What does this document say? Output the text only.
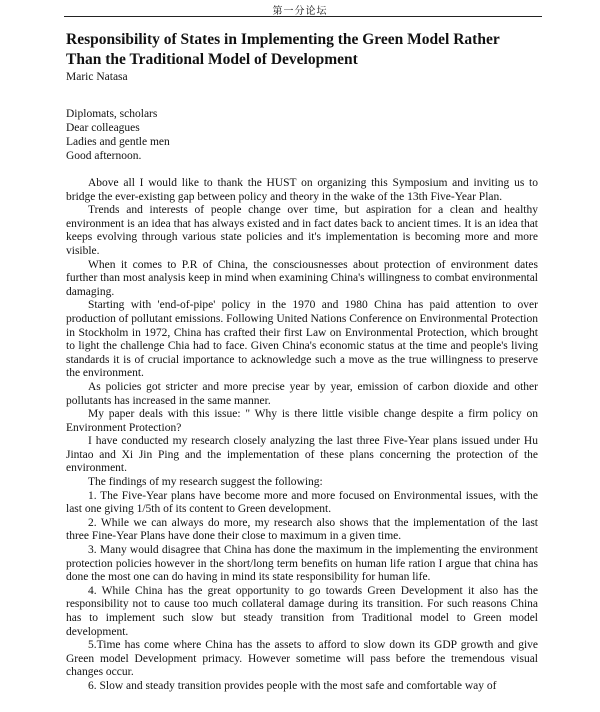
第一分论坛
Responsibility of States in Implementing the Green Model Rather Than the Traditional Model of Development
Maric Natasa
Diplomats, scholars
Dear colleagues
Ladies and gentle men
Good afternoon.

Above all I would like to thank the HUST on organizing this Symposium and inviting us to bridge the ever-existing gap between policy and theory in the wake of the 13th Five-Year Plan.

Trends and interests of people change over time, but aspiration for a clean and healthy environment is an idea that has always existed and in fact dates back to ancient times. It is an idea that keeps evolving through various state policies and it's implementation is becoming more and more visible.

When it comes to P.R of China, the consciousnesses about protection of environment dates further than most analysis keep in mind when examining China's willingness to combat environmental damaging.

Starting with 'end-of-pipe' policy in the 1970 and 1980 China has paid attention to over production of pollutant emissions. Following United Nations Conference on Environmental Protection in Stockholm in 1972, China has crafted their first Law on Environmental Protection, which brought to light the challenge Chia had to face. Given China's economic status at the time and people's living standards it is of crucial importance to acknowledge such a move as the true willingness to preserve the environment.

As policies got stricter and more precise year by year, emission of carbon dioxide and other pollutants has increased in the same manner.

My paper deals with this issue: " Why is there little visible change despite a firm policy on Environment Protection?

I have conducted my research closely analyzing the last three Five-Year plans issued under Hu Jintao and Xi Jin Ping and the implementation of these plans concerning the protection of the environment.

The findings of my research suggest the following:

1. The Five-Year plans have become more and more focused on Environmental issues, with the last one giving 1/5th of its content to Green development.

2. While we can always do more, my research also shows that the implementation of the last three Fine-Year Plans have done their close to maximum in a given time.

3. Many would disagree that China has done the maximum in the implementing the environment protection policies however in the short/long term benefits on human life ration I argue that china has done the most one can do having in mind its state responsibility for human life.

4. While China has the great opportunity to go towards Green Development it also has the responsibility not to cause too much collateral damage during its transition. For such reasons China has to implement such slow but steady transition from Traditional model to Green model development.

5.Time has come where China has the assets to afford to slow down its GDP growth and give Green model Development primacy. However sometime will pass before the tremendous visual changes occur.

6. Slow and steady transition provides people with the most safe and comfortable way of
